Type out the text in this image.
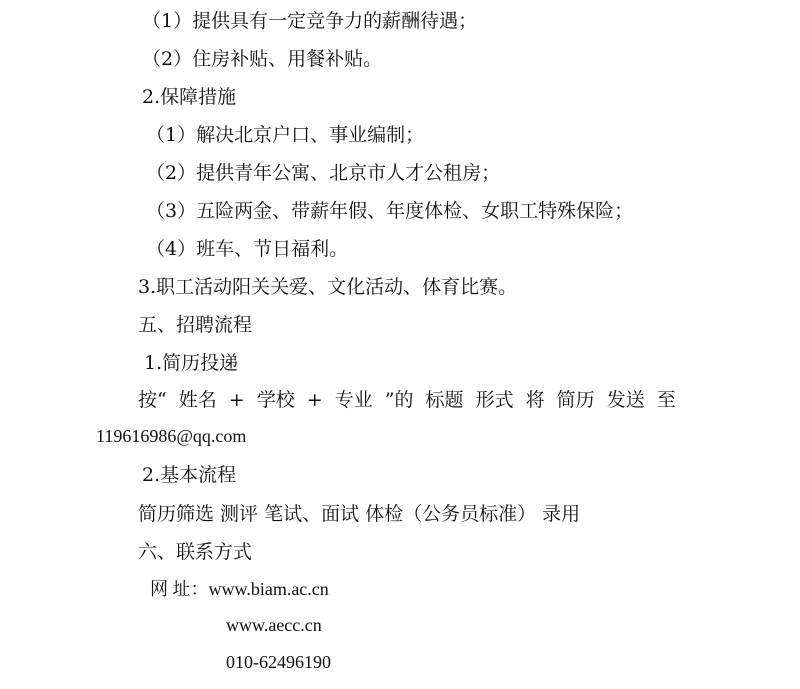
（1）提供具有一定竞争力的薪酬待遇；
（2）住房补贴、用餐补贴。
2.保障措施
（1）解决北京户口、事业编制；
（2）提供青年公寓、北京市人才公租房；
（3）五险两金、带薪年假、年度体检、女职工特殊保险；
（4）班车、节日福利。
3.职工活动阳关关爱、文化活动、体育比赛。
五、招聘流程
1.简历投递
按“ 姓名 + 学校 + 专业 ”的 标题 形式 将 简历 发送 至
119616986@qq.com
2.基本流程
简历筛选 测评 笔试、面试 体检（公务员标准） 录用
六、联系方式
网 址：www.biam.ac.cn
www.aecc.cn
010-62496190
